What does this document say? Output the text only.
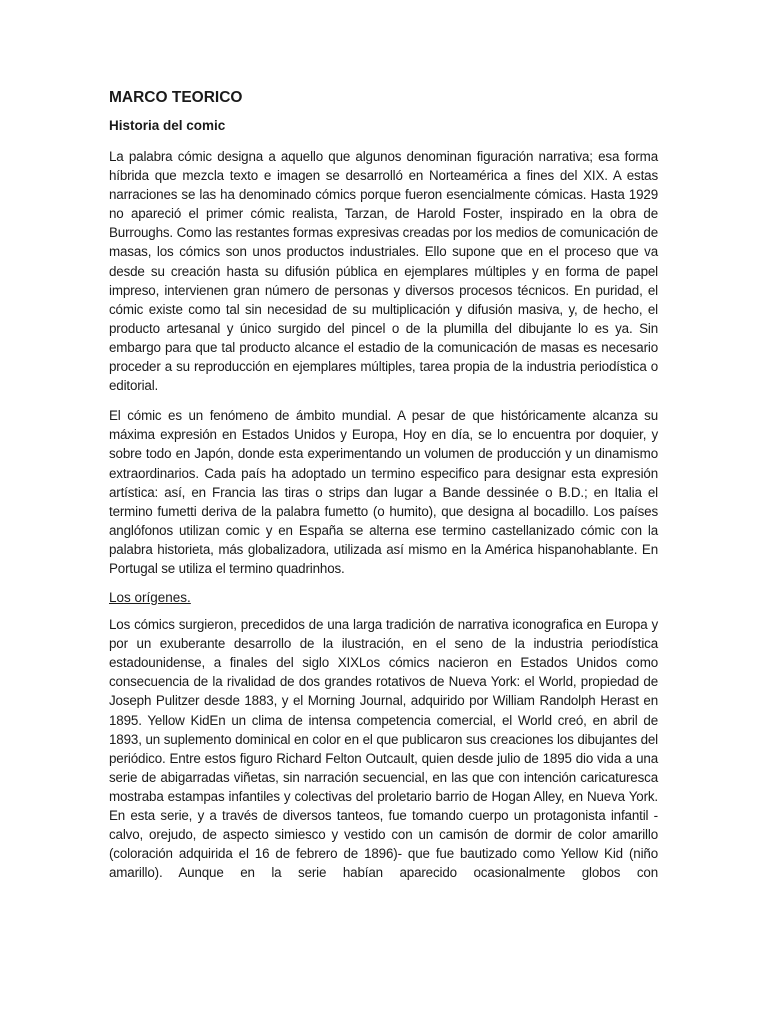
MARCO TEORICO
Historia del comic

La palabra cómic designa a aquello que algunos denominan figuración narrativa; esa forma híbrida que mezcla texto e imagen se desarrolló en Norteamérica a fines del XIX. A estas narraciones se las ha denominado cómics porque fueron esencialmente cómicas. Hasta 1929 no apareció el primer cómic realista, Tarzan, de Harold Foster, inspirado en la obra de Burroughs. Como las restantes formas expresivas creadas por los medios de comunicación de masas, los cómics son unos productos industriales. Ello supone que en el proceso que va desde su creación hasta su difusión pública en ejemplares múltiples y en forma de papel impreso, intervienen gran número de personas y diversos procesos técnicos. En puridad, el cómic existe como tal sin necesidad de su multiplicación y difusión masiva, y, de hecho, el producto artesanal y único surgido del pincel o de la plumilla del dibujante lo es ya. Sin embargo para que tal producto alcance el estadio de la comunicación de masas es necesario proceder a su reproducción en ejemplares múltiples, tarea propia de la industria periodística o editorial.

El cómic es un fenómeno de ámbito mundial. A pesar de que históricamente alcanza su máxima expresión en Estados Unidos y Europa, Hoy en día, se lo encuentra por doquier, y sobre todo en Japón, donde esta experimentando un volumen de producción y un dinamismo extraordinarios. Cada país ha adoptado un termino especifico para designar esta expresión artística: así, en Francia las tiras o strips dan lugar a Bande dessinée o B.D.; en Italia el termino fumetti deriva de la palabra fumetto (o humito), que designa al bocadillo. Los países anglófonos utilizan comic y en España se alterna ese termino castellanizado cómic con la palabra historieta, más globalizadora, utilizada así mismo en la América hispanohablante. En Portugal se utiliza el termino quadrinhos.

Los orígenes.

Los cómics surgieron, precedidos de una larga tradición de narrativa iconografica en Europa y por un exuberante desarrollo de la ilustración, en el seno de la industria periodística estadounidense, a finales del siglo XIXLos cómics nacieron en Estados Unidos como consecuencia de la rivalidad de dos grandes rotativos de Nueva York: el World, propiedad de Joseph Pulitzer desde 1883, y el Morning Journal, adquirido por William Randolph Herast en 1895. Yellow KidEn un clima de intensa competencia comercial, el World creó, en abril de 1893, un suplemento dominical en color en el que publicaron sus creaciones los dibujantes del periódico. Entre estos figuro Richard Felton Outcault, quien desde julio de 1895 dio vida a una serie de abigarradas viñetas, sin narración secuencial, en las que con intención caricaturesca mostraba estampas infantiles y colectivas del proletario barrio de Hogan Alley, en Nueva York. En esta serie, y a través de diversos tanteos, fue tomando cuerpo un protagonista infantil -calvo, orejudo, de aspecto simiesco y vestido con un camisón de dormir de color amarillo (coloración adquirida el 16 de febrero de 1896)- que fue bautizado como Yellow Kid (niño amarillo). Aunque en la serie habían aparecido ocasionalmente globos con
